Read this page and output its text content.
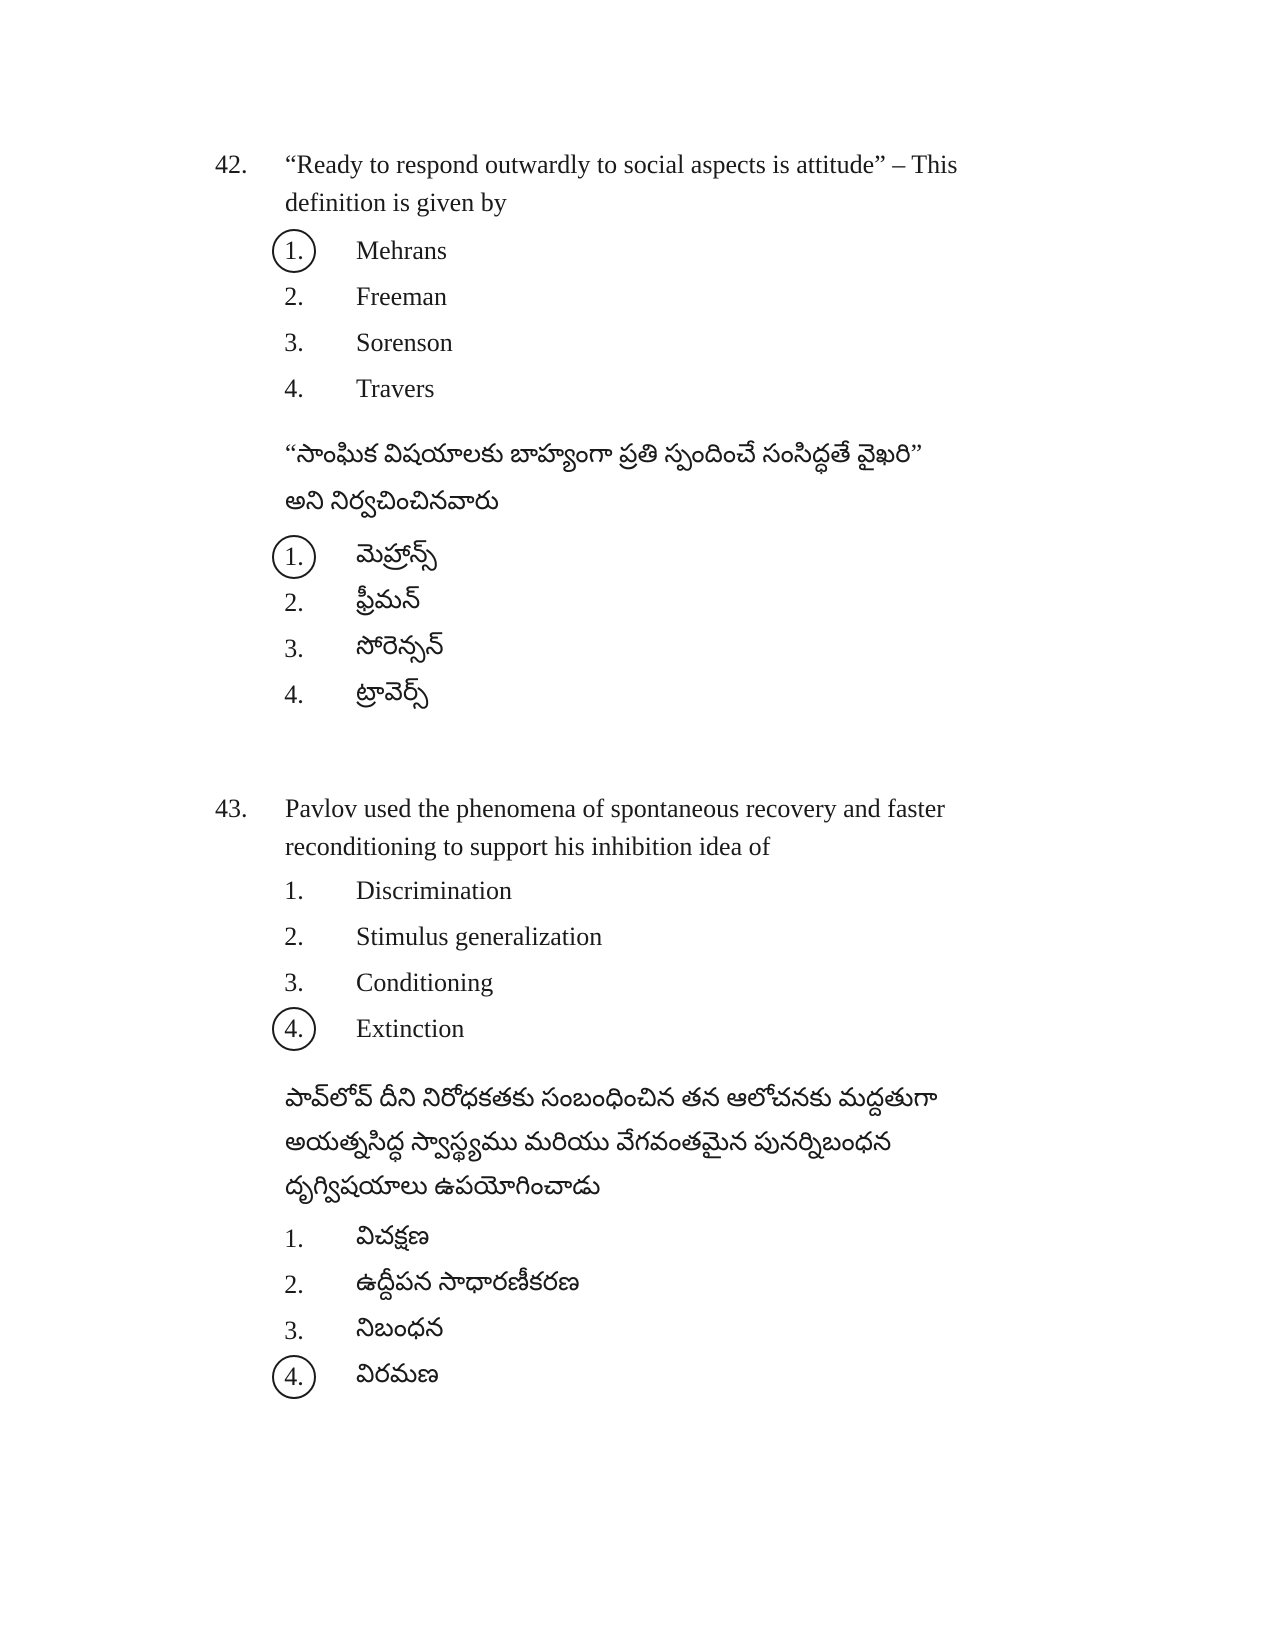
42.	“Ready to respond outwardly to social aspects is attitude” – This definition is given by
1.	Mehrans
2.	Freeman
3.	Sorenson
4.	Travers
“సాంఘిక విషయాలకు బాహ్యంగా ప్రతి స్పందించే సంసిద్ధతే వైఖరి” అని నిర్వచించినవారు
1.	మెహ్రాన్స్
2.	ఫ్రీమన్
3.	సోరెన్సన్
4.	ట్రావెర్స్
43.	Pavlov used the phenomena of spontaneous recovery and faster reconditioning to support his inhibition idea of
1.	Discrimination
2.	Stimulus generalization
3.	Conditioning
4.	Extinction
పావ్‌లోవ్ దీని నిరోధకతకు సంబంధించిన తన ఆలోచనకు మద్దతుగా అయత్నసిద్ధ స్వాస్థ్యము మరియు వేగవంతమైన పునర్నిబంధన దృగ్విషయాలు ఉపయోగించాడు
1.	విచక్షణ
2.	ఉద్దీపన సాధారణీకరణ
3.	నిబంధన
4.	విరమణ
